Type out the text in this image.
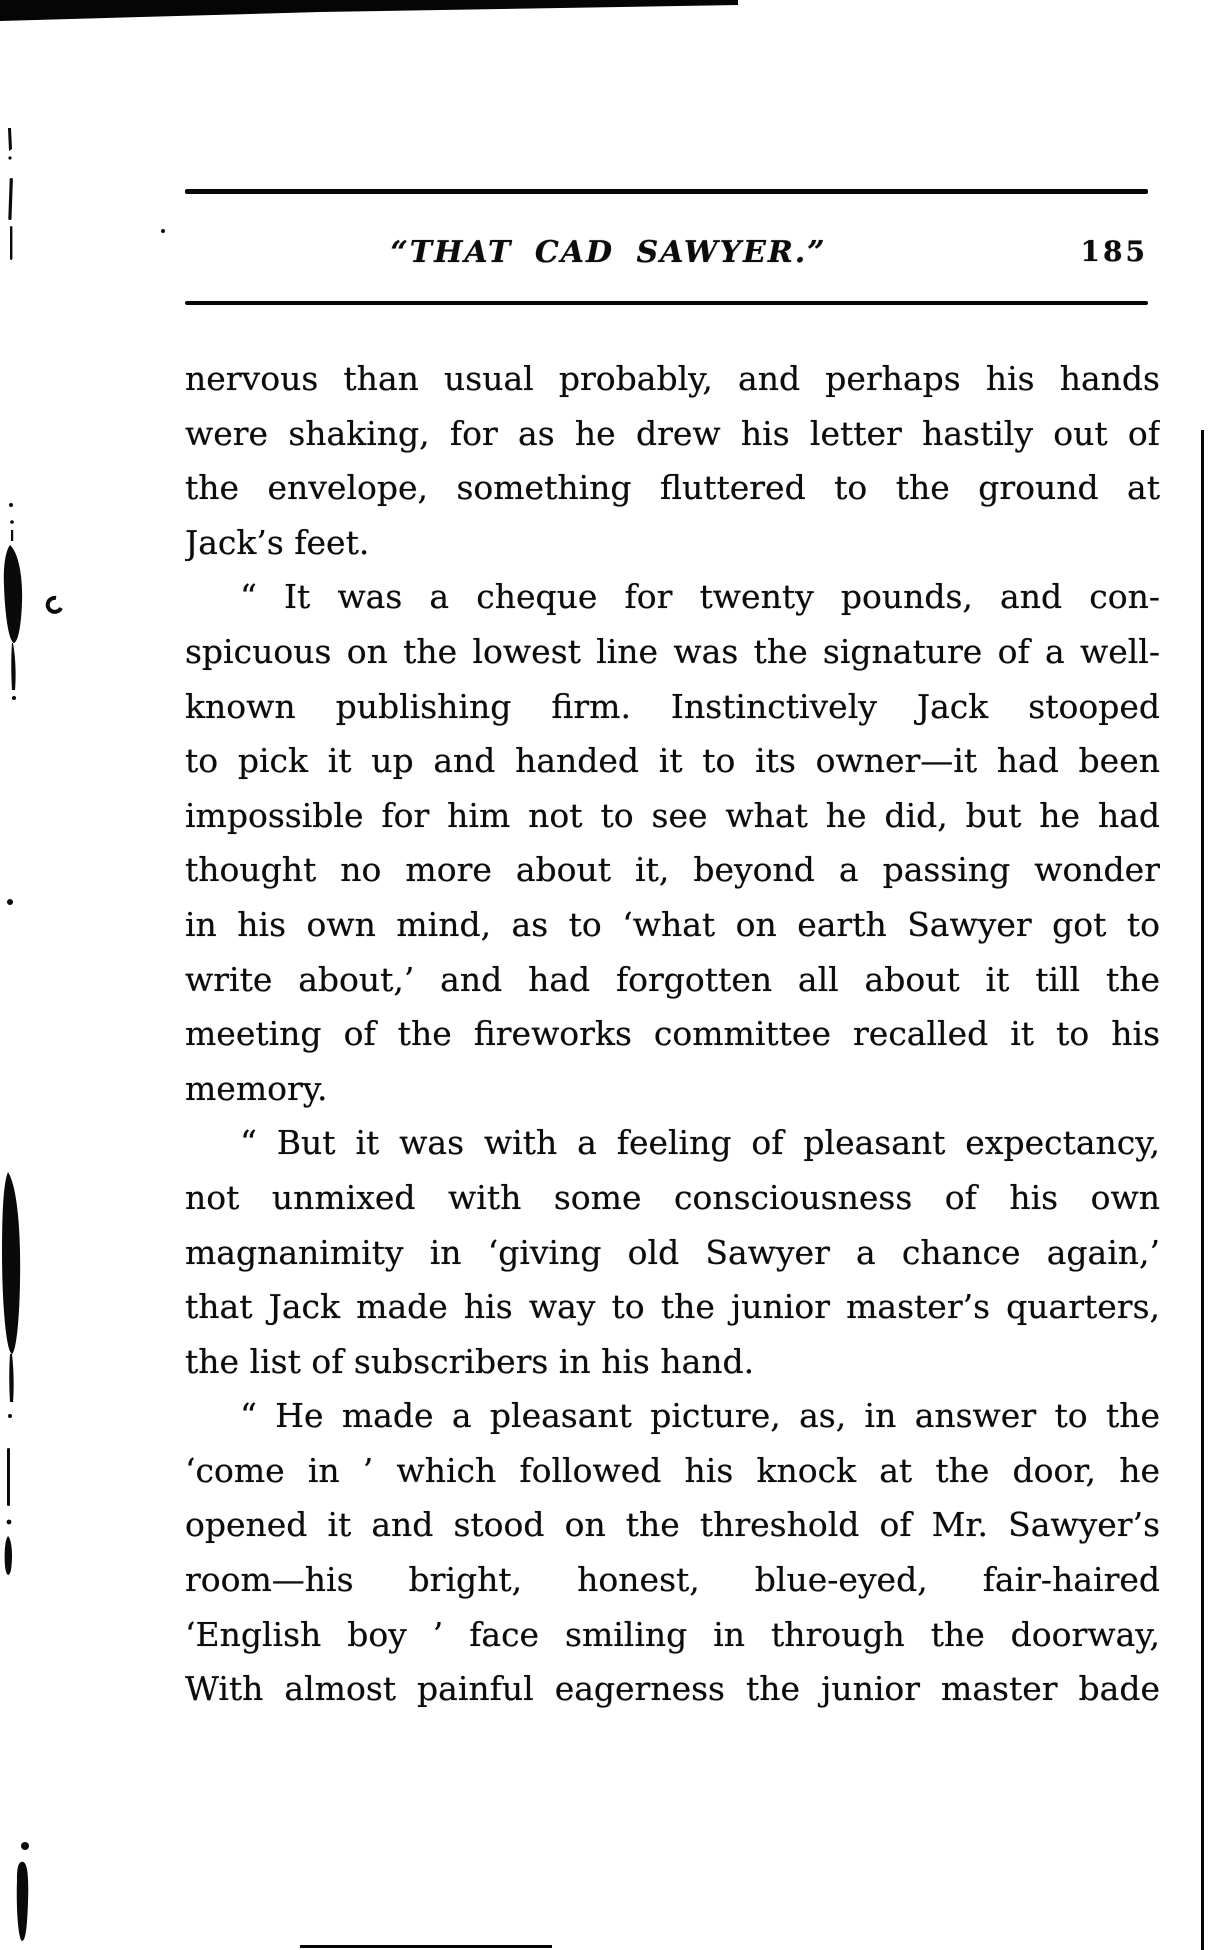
“THAT CAD SAWYER.”	185
nervous than usual probably, and perhaps his hands
were shaking, for as he drew his letter hastily out of
the envelope, something fluttered to the ground at
Jack’s feet.
“ It was a cheque for twenty pounds, and con-
spicuous on the lowest line was the signature of a well-
known publishing firm. Instinctively Jack stooped
to pick it up and handed it to its owner—it had been
impossible for him not to see what he did, but he had
thought no more about it, beyond a passing wonder
in his own mind, as to ‘what on earth Sawyer got to
write about,’ and had forgotten all about it till the
meeting of the fireworks committee recalled it to his
memory.
“ But it was with a feeling of pleasant expectancy,
not unmixed with some consciousness of his own
magnanimity in ‘giving old Sawyer a chance again,’
that Jack made his way to the junior master’s quarters,
the list of subscribers in his hand.
“ He made a pleasant picture, as, in answer to the
‘come in ’ which followed his knock at the door, he
opened it and stood on the threshold of Mr. Sawyer’s
room—his bright, honest, blue-eyed, fair-haired
‘English boy ’ face smiling in through the doorway,
With almost painful eagerness the junior master bade
